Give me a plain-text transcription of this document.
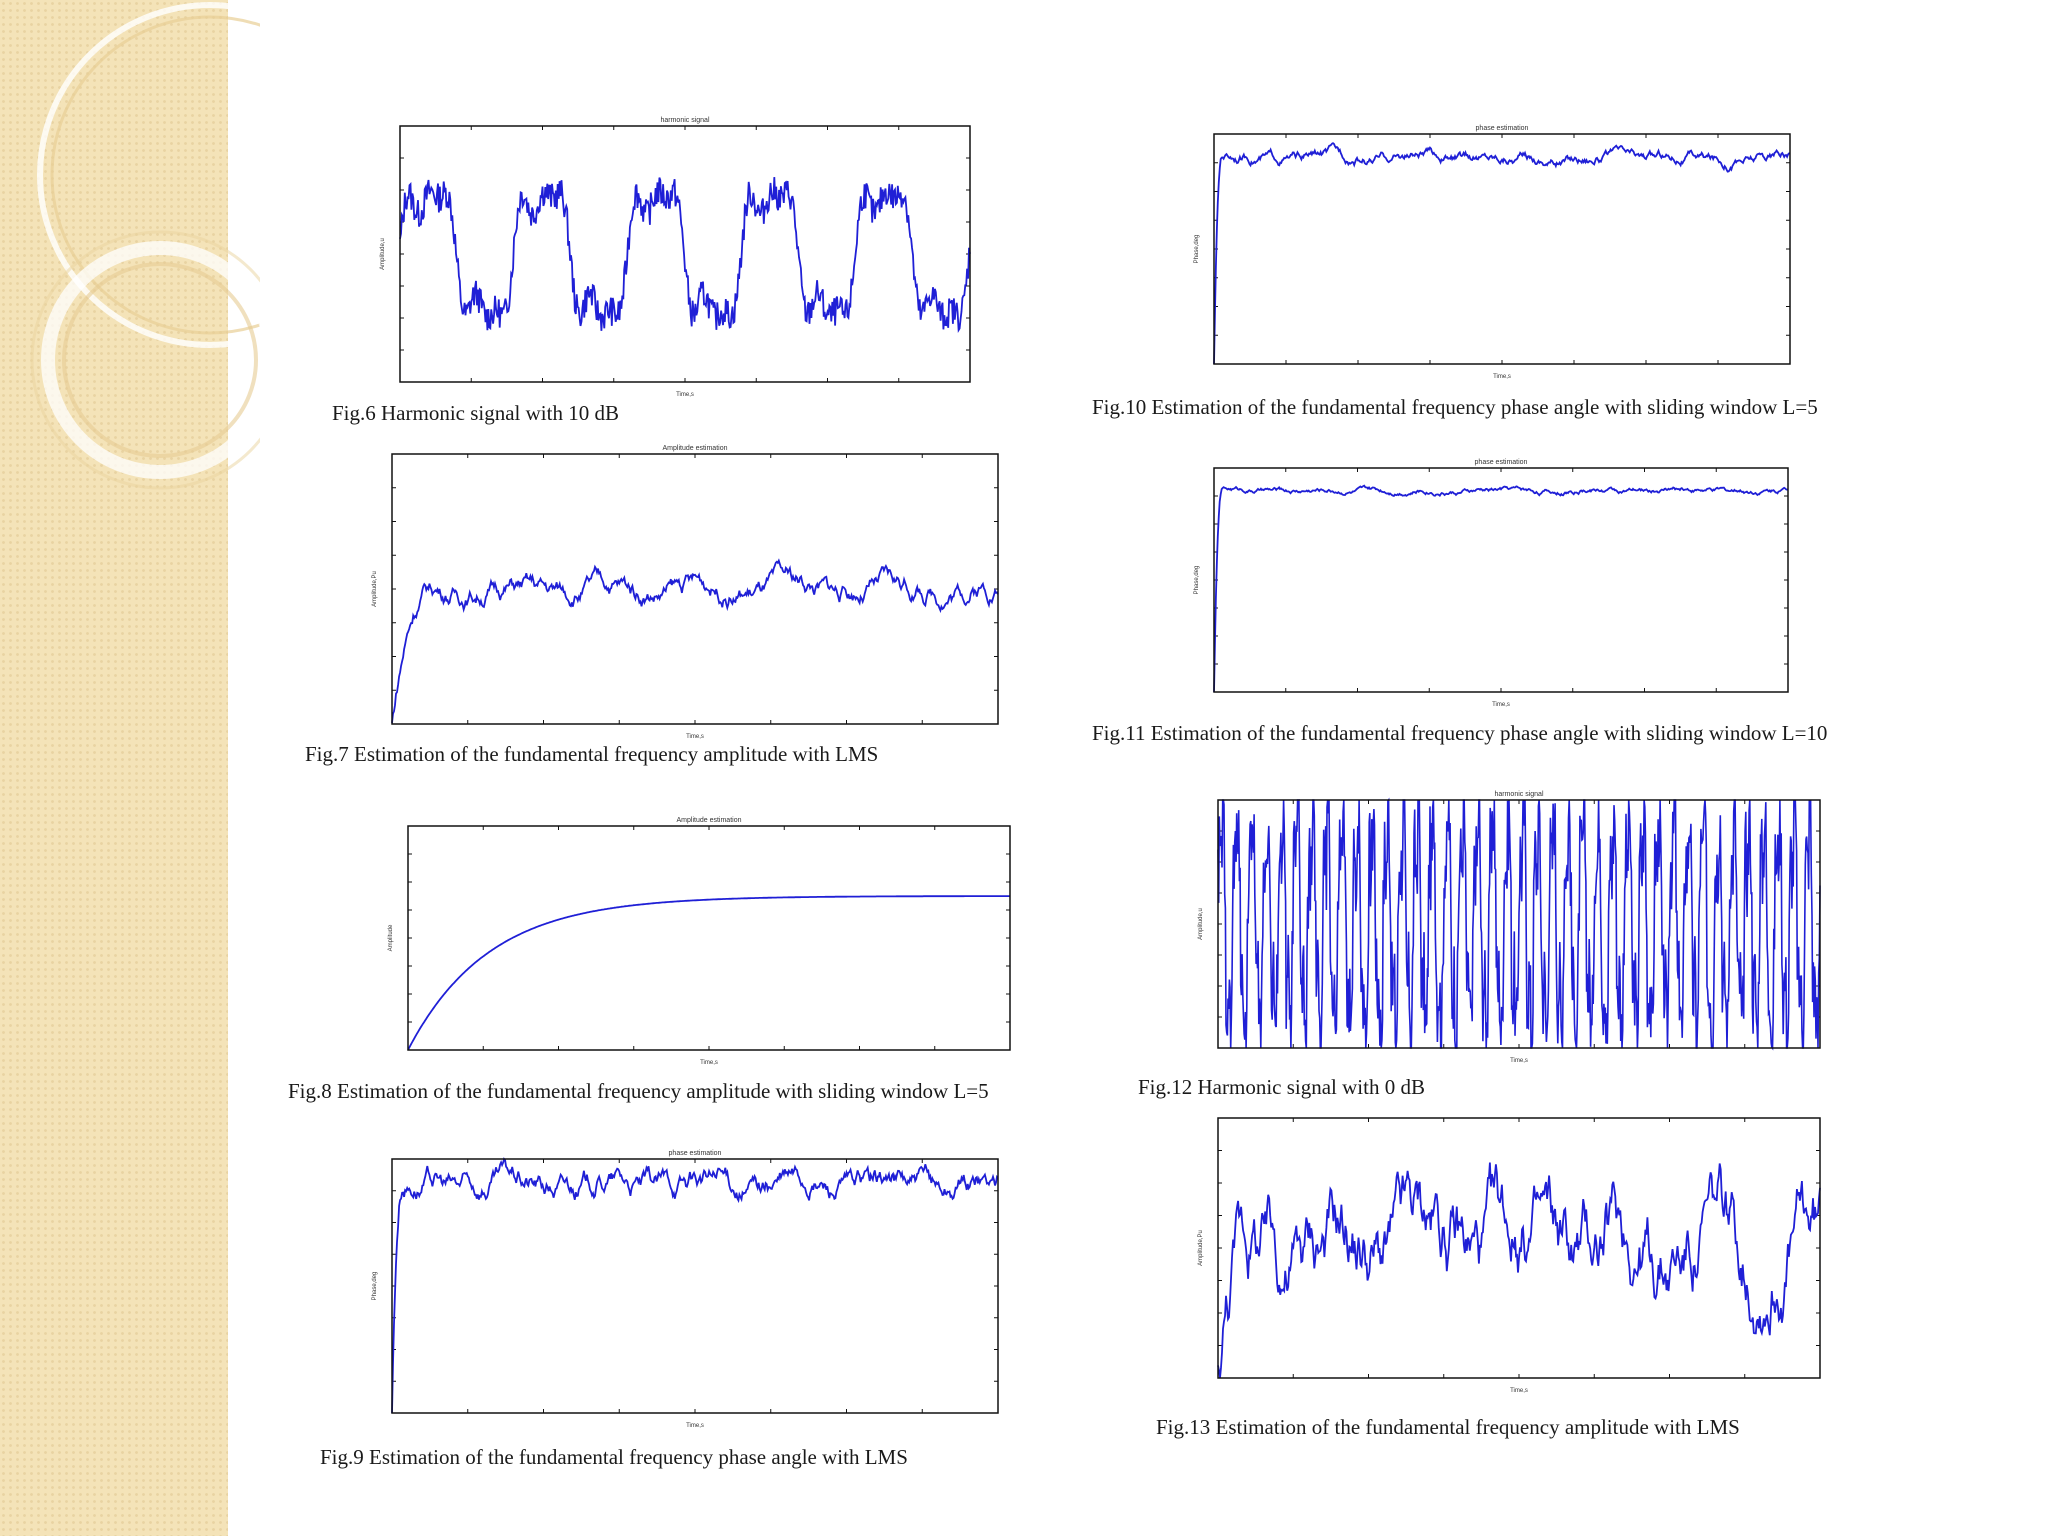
harmonic signal
Time,s
Amplitude,u
Fig.6 Harmonic signal with 10 dB
Amplitude estimation
Time,s
Amplitude,Pu
Fig.7 Estimation of the fundamental frequency amplitude with LMS
Amplitude estimation
Time,s
Amplitude
Fig.8 Estimation of the fundamental frequency amplitude with sliding window L=5
phase estimation
Time,s
Phase,deg
Fig.9 Estimation of the fundamental frequency phase angle with LMS
phase estimation
Time,s
Phase,deg
Fig.10 Estimation of the fundamental frequency phase angle with sliding window L=5
phase estimation
Time,s
Phase,deg
Fig.11 Estimation of the fundamental frequency phase angle with sliding window L=10
harmonic signal
Time,s
Amplitude,u
Fig.12 Harmonic signal with 0 dB
Time,s
Amplitude,Pu
Fig.13 Estimation of the fundamental frequency amplitude with LMS
